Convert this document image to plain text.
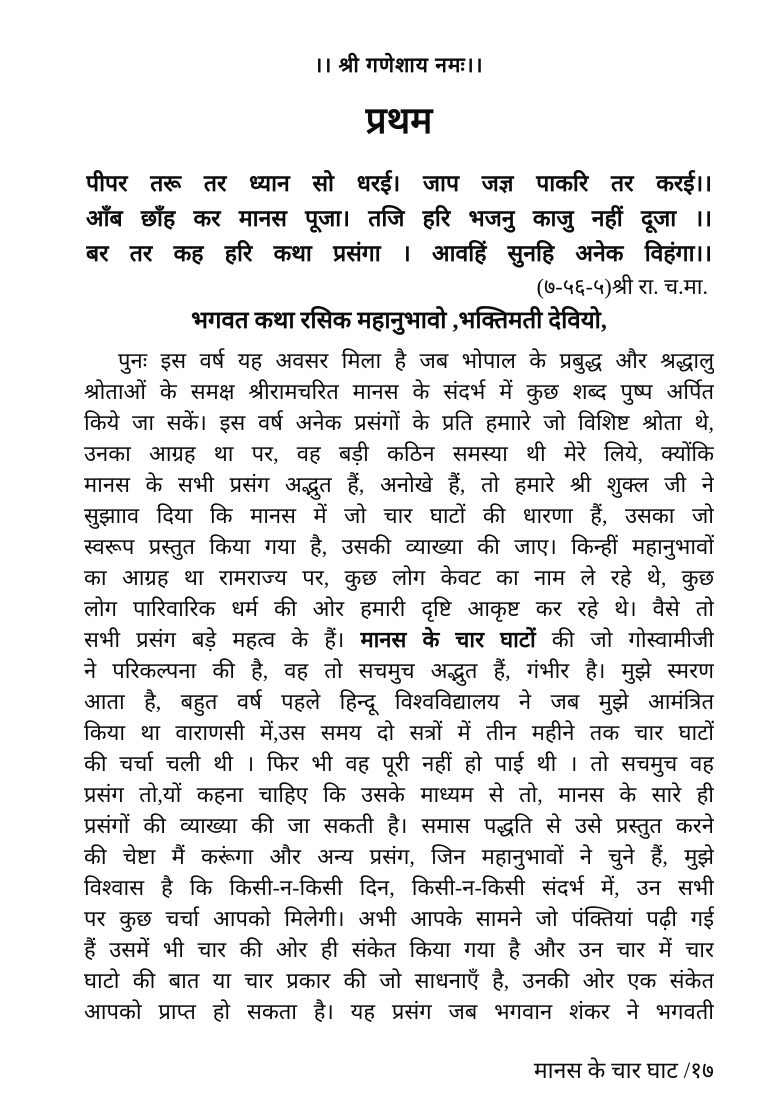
।। श्री गणेशाय नमः।।
प्रथम
पीपर तरू तर ध्यान सो धरई। जाप जज्ञ पाकरि तर करई।।
आँब छाँह कर मानस पूजा। तजि हरि भजनु काजु नहीं दूजा ।।
बर तर कह हरि कथा प्रसंगा । आवहिं सुनहि अनेक विहंगा।।
(७-५६-५)श्री रा. च.मा.
भगवत कथा रसिक महानुभावो ,भक्तिमती देवियो,
पुनः इस वर्ष यह अवसर मिला है जब भोपाल के प्रबुद्ध और श्रद्धालु
श्रोताओं के समक्ष श्रीरामचरित मानस के संदर्भ में कुछ शब्द पुष्प अर्पित
किये जा सकें। इस वर्ष अनेक प्रसंगों के प्रति हमाारे जो विशिष्ट श्रोता थे,
उनका आग्रह था पर, वह बड़ी कठिन समस्या थी मेरे लिये, क्योंकि
मानस के सभी प्रसंग अद्भुत हैं, अनोखे हैं, तो हमारे श्री शुक्ल जी ने
सुझााव दिया कि मानस में जो चार घाटों की धारणा हैं, उसका जो
स्वरूप प्रस्तुत किया गया है, उसकी व्याख्या की जाए। किन्हीं महानुभावों
का आग्रह था रामराज्य पर, कुछ लोग केवट का नाम ले रहे थे, कुछ
लोग पारिवारिक धर्म की ओर हमारी दृष्टि आकृष्ट कर रहे थे। वैसे तो
सभी प्रसंग बड़े महत्व के हैं। मानस के चार घाटों की जो गोस्वामीजी
ने परिकल्पना की है, वह तो सचमुच अद्भुत हैं, गंभीर है। मुझे स्मरण
आता है, बहुत वर्ष पहले हिन्दू विश्वविद्यालय ने जब मुझे आमंत्रित
किया था वाराणसी में,उस समय दो सत्रों में तीन महीने तक चार घाटों
की चर्चा चली थी । फिर भी वह पूरी नहीं हो पाई थी । तो सचमुच वह
प्रसंग तो,यों कहना चाहिए कि उसके माध्यम से तो, मानस के सारे ही
प्रसंगों की व्याख्या की जा सकती है। समास पद्धति से उसे प्रस्तुत करने
की चेष्टा मैं करूंगा और अन्य प्रसंग, जिन महानुभावों ने चुने हैं, मुझे
विश्वास है कि किसी-न-किसी दिन, किसी-न-किसी संदर्भ में, उन सभी
पर कुछ चर्चा आपको मिलेगी। अभी आपके सामने जो पंक्तियां पढ़ी गई
हैं उसमें भी चार की ओर ही संकेत किया गया है और उन चार में चार
घाटो की बात या चार प्रकार की जो साधनाएँ है, उनकी ओर एक संकेत
आपको प्राप्त हो सकता है। यह प्रसंग जब भगवान शंकर ने भगवती
मानस के चार घाट /१७
